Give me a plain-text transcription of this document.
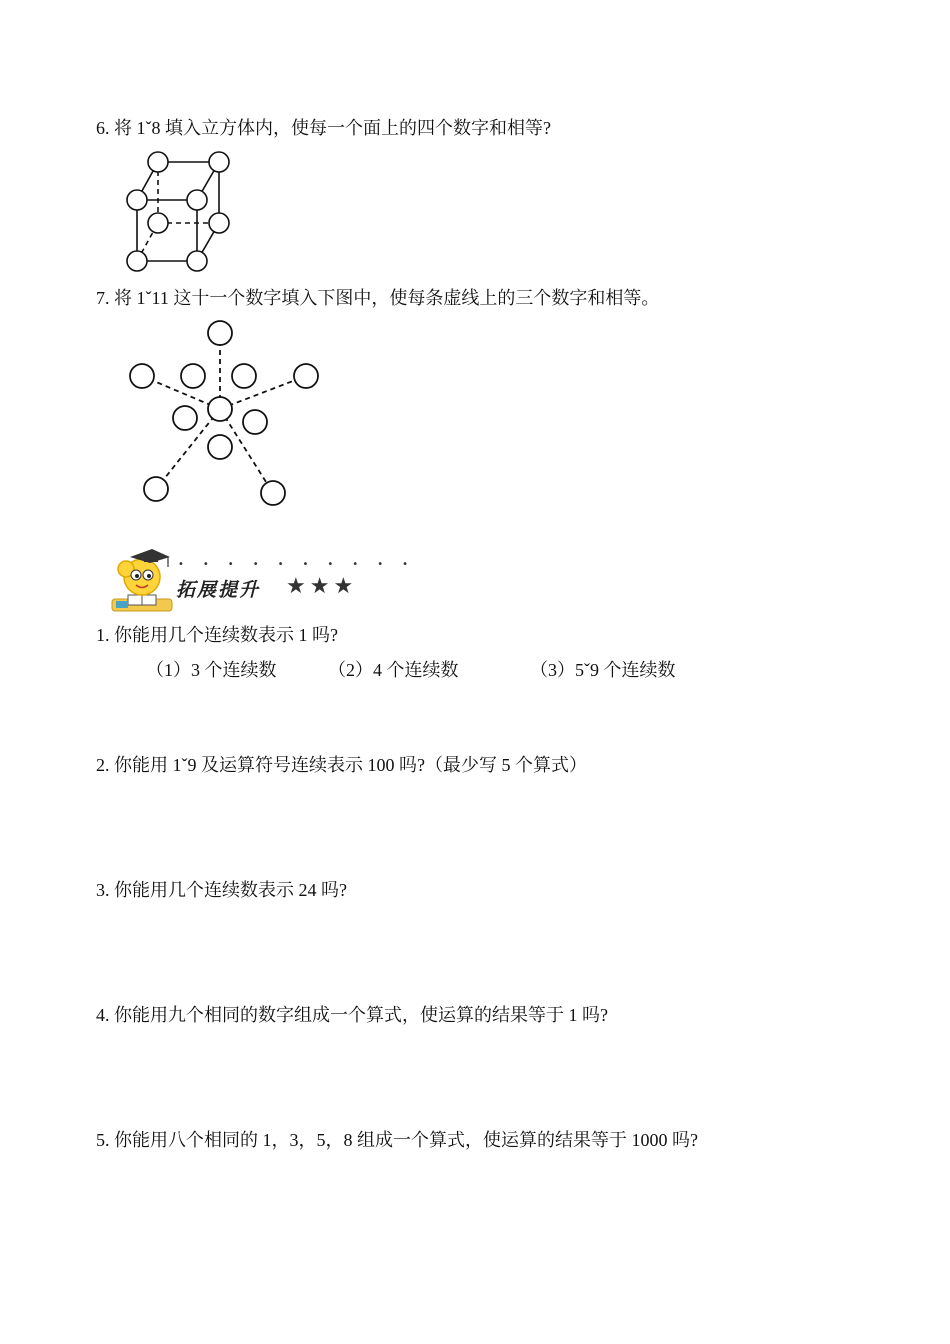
6. 将 1ˇ8 填入立方体内，使每一个面上的四个数字和相等?
7. 将 1ˇ11 这十一个数字填入下图中，使每条虚线上的三个数字和相等。
••••••••••
拓展提升 ★★★
1. 你能用几个连续数表示 1 吗?
（1）3 个连续数	（2）4 个连续数	（3）5ˇ9 个连续数
2. 你能用 1ˇ9 及运算符号连续表示 100 吗?（最少写 5 个算式）
3. 你能用几个连续数表示 24 吗?
4. 你能用九个相同的数字组成一个算式，使运算的结果等于 1 吗?
5. 你能用八个相同的 1，3，5，8 组成一个算式，使运算的结果等于 1000 吗?
